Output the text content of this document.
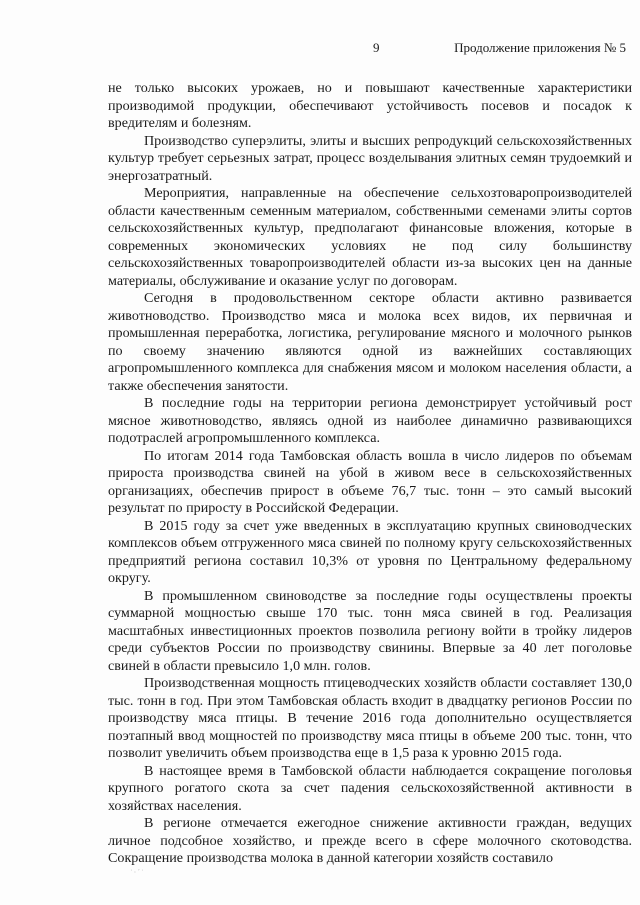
9	Продолжение приложения № 5

не только высоких урожаев, но и повышают качественные характеристики производимой продукции, обеспечивают устойчивость посевов и посадок к вредителям и болезням.

Производство суперэлиты, элиты и высших репродукций сельскохозяйственных культур требует серьезных затрат, процесс возделывания элитных семян трудоемкий и энергозатратный.

Мероприятия, направленные на обеспечение сельхозтоваропроизводителей области качественным семенным материалом, собственными семенами элиты сортов сельскохозяйственных культур, предполагают финансовые вложения, которые в современных экономических условиях не под силу большинству сельскохозяйственных товаропроизводителей области из-за высоких цен на данные материалы, обслуживание и оказание услуг по договорам.

Сегодня в продовольственном секторе области активно развивается животноводство. Производство мяса и молока всех видов, их первичная и промышленная переработка, логистика, регулирование мясного и молочного рынков по своему значению являются одной из важнейших составляющих агропромышленного комплекса для снабжения мясом и молоком населения области, а также обеспечения занятости.

В последние годы на территории региона демонстрирует устойчивый рост мясное животноводство, являясь одной из наиболее динамично развивающихся подотраслей агропромышленного комплекса.

По итогам 2014 года Тамбовская область вошла в число лидеров по объемам прироста производства свиней на убой в живом весе в сельскохозяйственных организациях, обеспечив прирост в объеме 76,7 тыс. тонн – это самый высокий результат по приросту в Российской Федерации.

В 2015 году за счет уже введенных в эксплуатацию крупных свиноводческих комплексов объем отгруженного мяса свиней по полному кругу сельскохозяйственных предприятий региона составил 10,3% от уровня по Центральному федеральному округу.

В промышленном свиноводстве за последние годы осуществлены проекты суммарной мощностью свыше 170 тыс. тонн мяса свиней в год. Реализация масштабных инвестиционных проектов позволила региону войти в тройку лидеров среди субъектов России по производству свинины. Впервые за 40 лет поголовье свиней в области превысило 1,0 млн. голов.

Производственная мощность птицеводческих хозяйств области составляет 130,0 тыс. тонн в год. При этом Тамбовская область входит в двадцатку регионов России по производству мяса птицы. В течение 2016 года дополнительно осуществляется поэтапный ввод мощностей по производству мяса птицы в объеме 200 тыс. тонн, что позволит увеличить объем производства еще в 1,5 раза к уровню 2015 года.

В настоящее время в Тамбовской области наблюдается сокращение поголовья крупного рогатого скота за счет падения сельскохозяйственной активности в хозяйствах населения.

В регионе отмечается ежегодное снижение активности граждан, ведущих личное подсобное хозяйство, и прежде всего в сфере молочного скотоводства. Сокращение производства молока в данной категории хозяйств составило

˙·´˙
